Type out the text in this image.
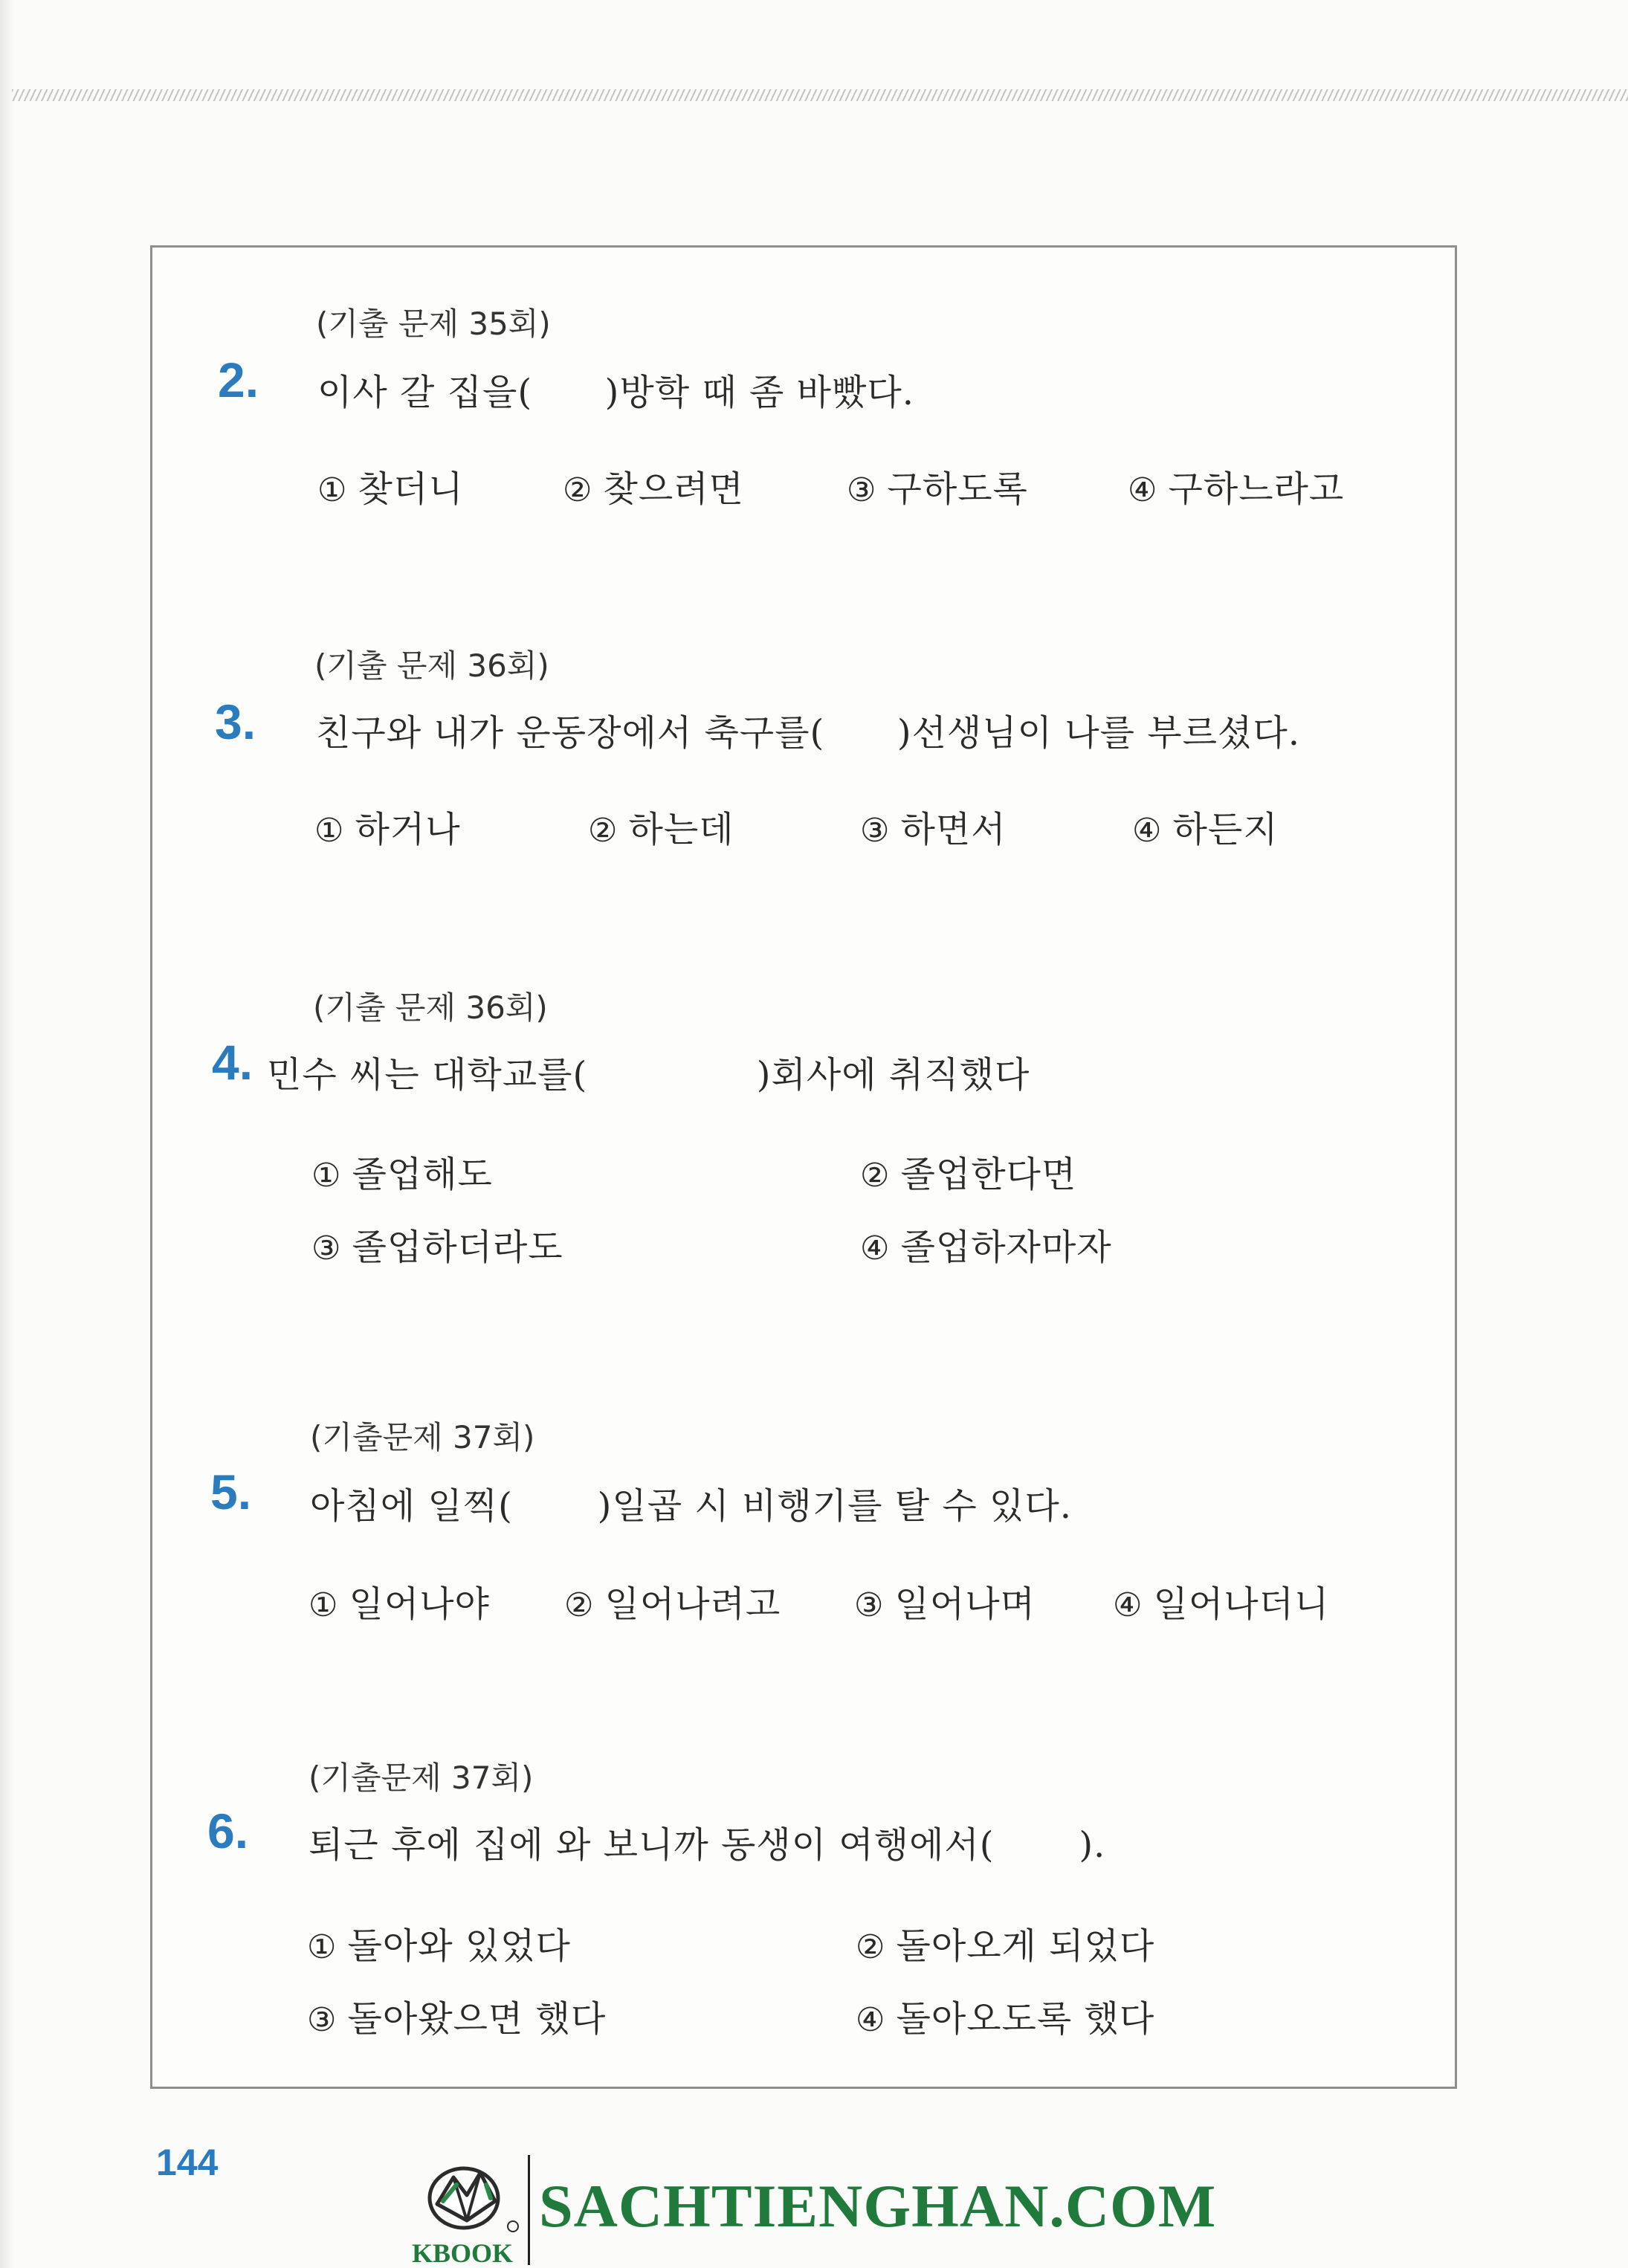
(기출 문제 35회)
2. 이사 갈 집을(      )방학 때 좀 바빴다.
① 찾더니	② 찾으려면	③ 구하도록	④ 구하느라고
(기출 문제 36회)
3. 친구와 내가 운동장에서 축구를(      )선생님이 나를 부르셨다.
① 하거나	② 하는데	③ 하면서	④ 하든지
(기출 문제 36회)
4. 민수 씨는 대학교를(              )회사에 취직했다
① 졸업해도	② 졸업한다면
③ 졸업하더라도	④ 졸업하자마자
(기출문제 37회)
5. 아침에 일찍(       )일곱 시 비행기를 탈 수 있다.
① 일어나야 ② 일어나려고 ③ 일어나며 ④ 일어나더니
(기출문제 37회)
6. 퇴근 후에 집에 와 보니까 동생이 여행에서(       ).
① 돌아와 있었다	② 돌아오게 되었다
③ 돌아왔으면 했다	④ 돌아오도록 했다
144
KBOOK
SACHTIENGHAN.COM
